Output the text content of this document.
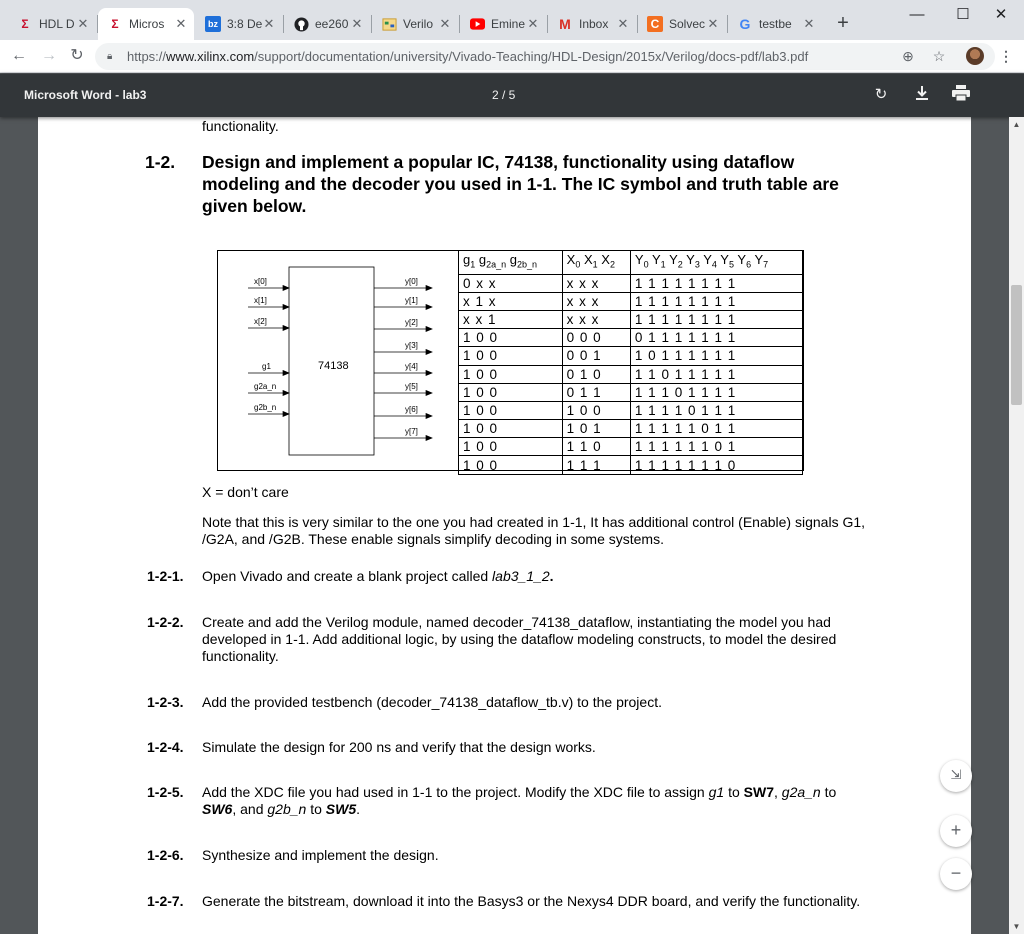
Σ HDL D ✕	Σ Micros ✕	bz 3:8 De ✕	ee260 ✕	Verilo ✕	Emine ✕ M Inbox ✕	C Solvec ✕ G testbe ✕	+	—	☐	✕
← → ↻	🔒︎	https:// www.xilinx.com /support/documentation/university/Vivado-Teaching/HDL-Design/2015x/Verilog/docs-pdf/lab3.pdf	⊕	☆	⋮
Microsoft Word - lab3	2 / 5	↻
functionality.
1-2. Design and implement a popular IC, 74138, functionality using dataflow modeling and the decoder you used in 1-1. The IC symbol and truth table are given below.
74138
x[0]
x[1]
x[2]
g1
g2a_n
g2b_n
y[0]
y[1]
y[2]
y[3]
y[4]
y[5]
y[6]
y[7]
$g_1$ $g_{2a\_n}$ $g_{2b\_n}$	$X_0$ $X_1$ $X_2$	$Y_0$ $Y_1$ $Y_2$ $Y_3$ $Y_4$ $Y_5$ $Y_6$ $Y_7$
0 x x	x x x	1 1 1 1 1 1 1 1
x 1 x	x x x	1 1 1 1 1 1 1 1
x x 1	x x x	1 1 1 1 1 1 1 1
1 0 0	0 0 0	0 1 1 1 1 1 1 1
1 0 0	0 0 1	1 0 1 1 1 1 1 1
1 0 0	0 1 0	1 1 0 1 1 1 1 1
1 0 0	0 1 1	1 1 1 0 1 1 1 1
1 0 0	1 0 0	1 1 1 1 0 1 1 1
1 0 0	1 0 1	1 1 1 1 1 0 1 1
1 0 0	1 1 0	1 1 1 1 1 1 0 1
1 0 0	1 1 1	1 1 1 1 1 1 1 0
X = don’t care
Note that this is very similar to the one you had created in 1-1, It has additional control (Enable) signals G1, /G2A, and /G2B. These enable signals simplify decoding in some systems.
1-2-1. Open Vivado and create a blank project called lab3_1_2.
1-2-2. Create and add the Verilog module, named decoder_74138_dataflow, instantiating the model you had developed in 1-1. Add additional logic, by using the dataflow modeling constructs, to model the desired functionality.
1-2-3. Add the provided testbench (decoder_74138_dataflow_tb.v) to the project.
1-2-4. Simulate the design for 200 ns and verify that the design works.
1-2-5. Add the XDC file you had used in 1-1 to the project. Modify the XDC file to assign g1 to SW7, g2a_n to SW6, and g2b_n to SW5.
1-2-6. Synthesize and implement the design.
1-2-7. Generate the bitstream, download it into the Basys3 or the Nexys4 DDR board, and verify the functionality.
▲
▼
⇲
+
−
